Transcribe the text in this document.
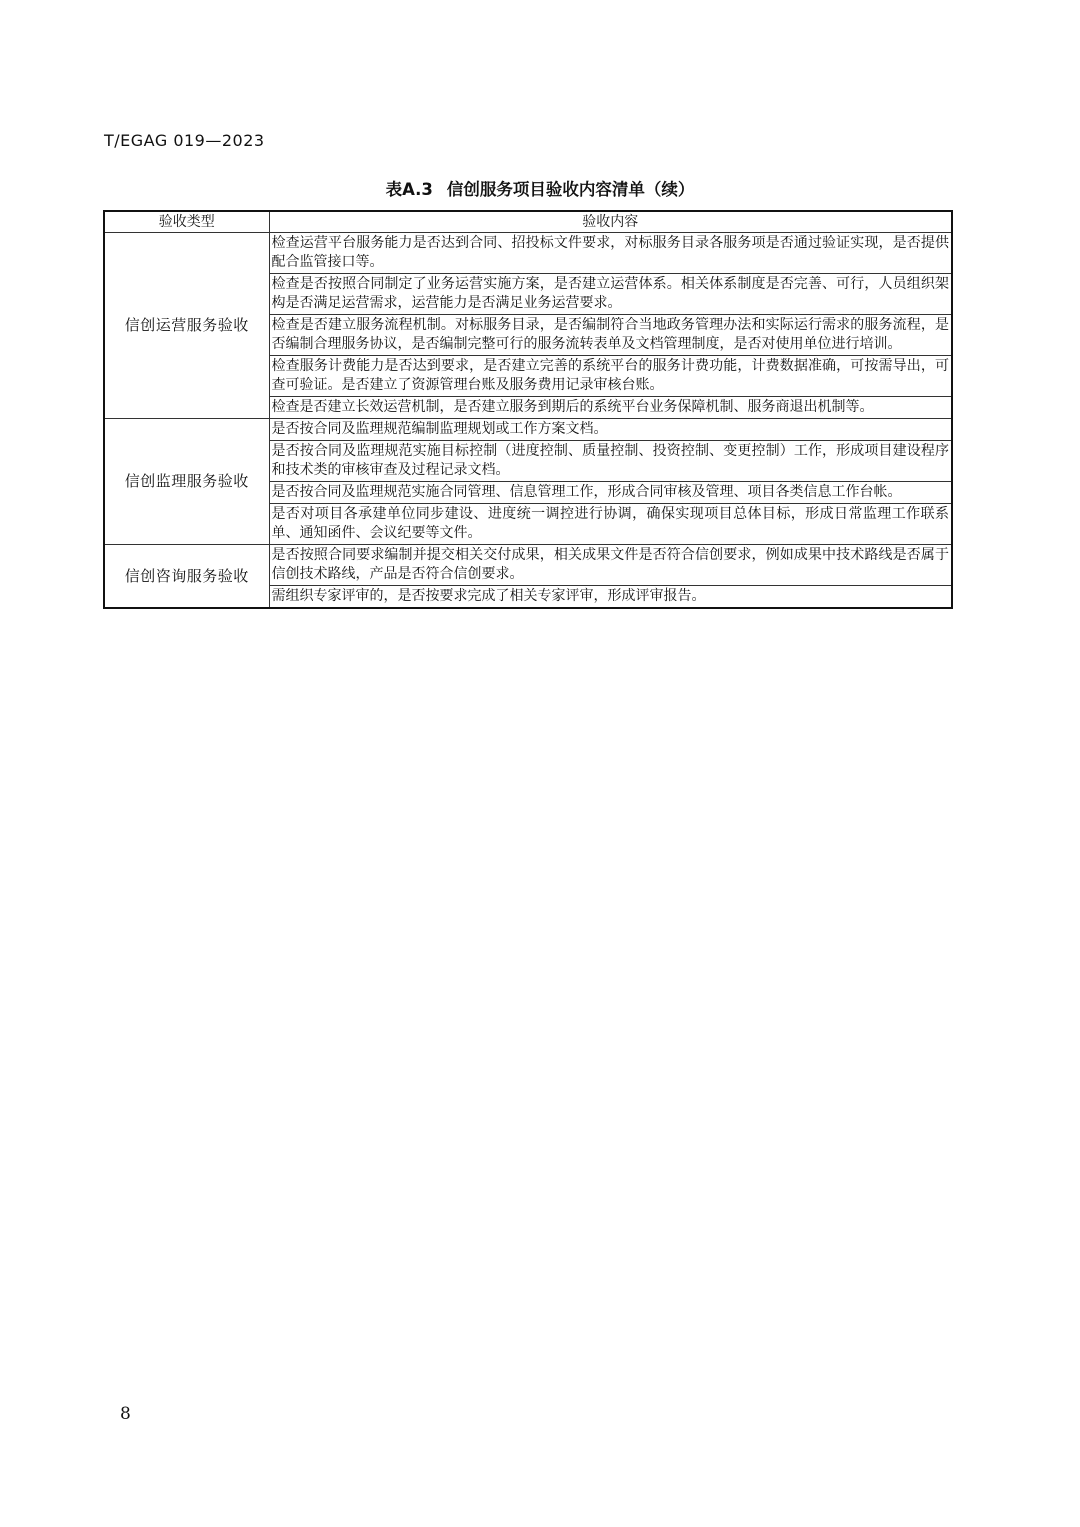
T/EGAG 019—2023
表A.3 信创服务项目验收内容清单（续）
验收类型	验收内容
信创运营服务验收	检查运营平台服务能力是否达到合同、招投标文件要求，对标服务目录各服务项是否通过验证实现，是否提供配合监管接口等。
	检查是否按照合同制定了业务运营实施方案，是否建立运营体系。相关体系制度是否完善、可行，人员组织架构是否满足运营需求，运营能力是否满足业务运营要求。
	检查是否建立服务流程机制。对标服务目录，是否编制符合当地政务管理办法和实际运行需求的服务流程，是否编制合理服务协议，是否编制完整可行的服务流转表单及文档管理制度，是否对使用单位进行培训。
	检查服务计费能力是否达到要求，是否建立完善的系统平台的服务计费功能，计费数据准确，可按需导出，可查可验证。是否建立了资源管理台账及服务费用记录审核台账。
	检查是否建立长效运营机制，是否建立服务到期后的系统平台业务保障机制、服务商退出机制等。
信创监理服务验收	是否按合同及监理规范编制监理规划或工作方案文档。
	是否按合同及监理规范实施目标控制（进度控制、质量控制、投资控制、变更控制）工作，形成项目建设程序和技术类的审核审查及过程记录文档。
	是否按合同及监理规范实施合同管理、信息管理工作，形成合同审核及管理、项目各类信息工作台帐。
	是否对项目各承建单位同步建设、进度统一调控进行协调，确保实现项目总体目标，形成日常监理工作联系单、通知函件、会议纪要等文件。
信创咨询服务验收	是否按照合同要求编制并提交相关交付成果，相关成果文件是否符合信创要求，例如成果中技术路线是否属于信创技术路线，产品是否符合信创要求。
	需组织专家评审的，是否按要求完成了相关专家评审，形成评审报告。
8
